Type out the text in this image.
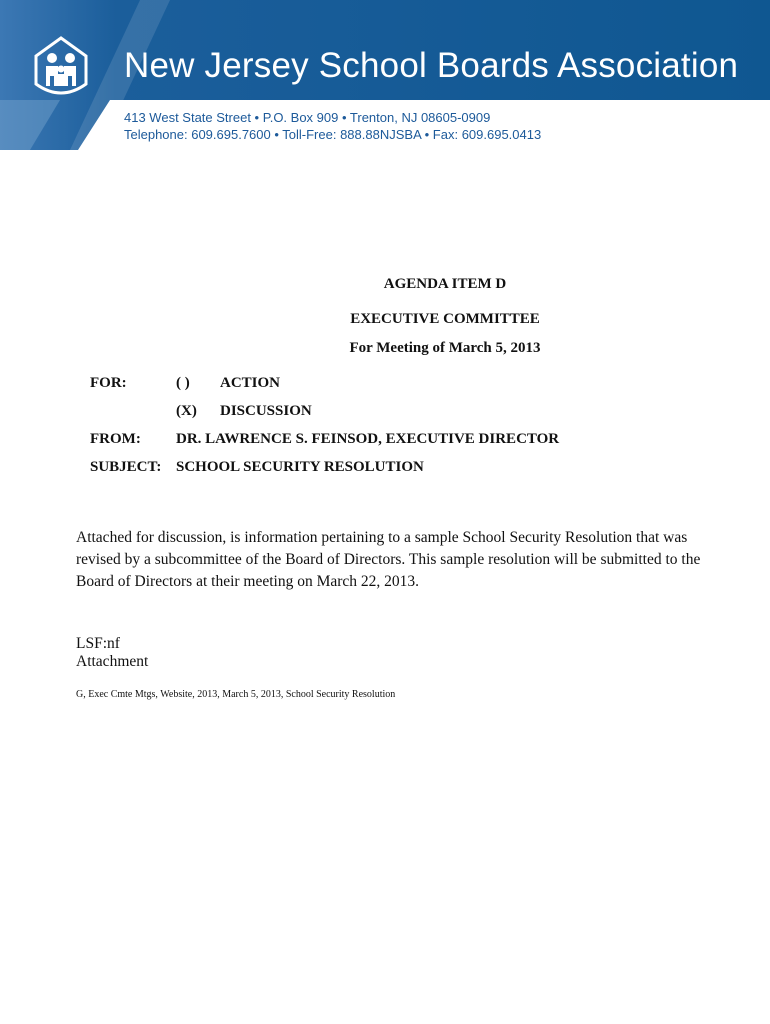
New Jersey School Boards Association
413 West State Street • P.O. Box 909 • Trenton, NJ 08605-0909
Telephone: 609.695.7600 • Toll-Free: 888.88NJSBA • Fax: 609.695.0413
AGENDA ITEM D
EXECUTIVE COMMITTEE
For Meeting of March 5, 2013
FOR:	( ) ACTION
(X) DISCUSSION
FROM: DR. LAWRENCE S. FEINSOD, EXECUTIVE DIRECTOR
SUBJECT: SCHOOL SECURITY RESOLUTION
Attached for discussion, is information pertaining to a sample School Security Resolution that was revised by a subcommittee of the Board of Directors. This sample resolution will be submitted to the Board of Directors at their meeting on March 22, 2013.
LSF:nf
Attachment
G, Exec Cmte Mtgs, Website, 2013, March 5, 2013, School Security Resolution
